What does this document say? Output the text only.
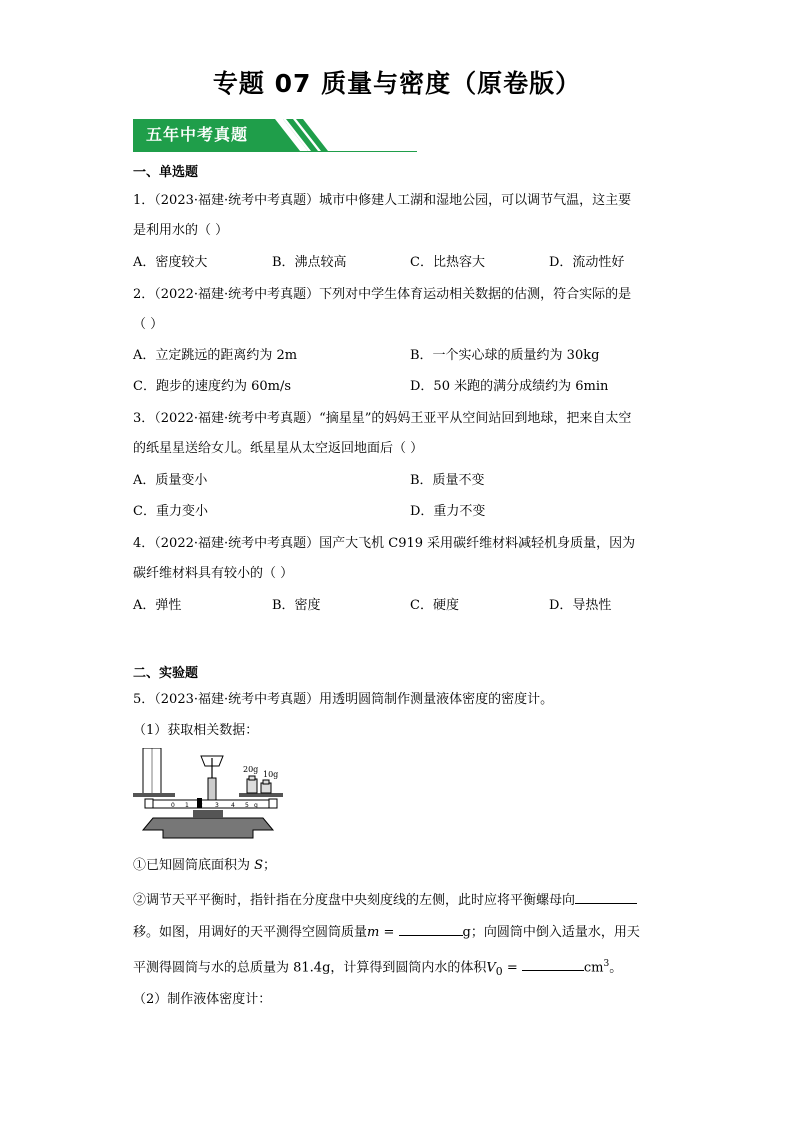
专题 07 质量与密度（原卷版）
五年中考真题
一、单选题
1．（2023·福建·统考中考真题）城市中修建人工湖和湿地公园，可以调节气温，这主要
是利用水的（ ）
A．密度较大	B．沸点较高	C．比热容大	D．流动性好
2．（2022·福建·统考中考真题）下列对中学生体育运动相关数据的估测，符合实际的是
（ ）
A．立定跳远的距离约为 2m	B．一个实心球的质量约为 30kg
C．跑步的速度约为 60m/s	D．50 米跑的满分成绩约为 6min
3．（2022·福建·统考中考真题）“摘星星”的妈妈王亚平从空间站回到地球，把来自太空
的纸星星送给女儿。纸星星从太空返回地面后（ ）
A．质量变小	B．质量不变
C．重力变小	D．重力不变
4．（2022·福建·统考中考真题）国产大飞机 C919 采用碳纤维材料减轻机身质量，因为
碳纤维材料具有较小的（ ）
A．弹性	B．密度	C．硬度	D．导热性
二、实验题
5．（2023·福建·统考中考真题）用透明圆筒制作测量液体密度的密度计。
（1）获取相关数据：
20g
10g
0 1	3 4 5 g
①已知圆筒底面积为 S；
②调节天平平衡时，指针指在分度盘中央刻度线的左侧，此时应将平衡螺母向
移。如图，用调好的天平测得空圆筒质量m =	g；向圆筒中倒入适量水，用天
平测得圆筒与水的总质量为 81.4g，计算得到圆筒内水的体积$V_0$ =	$cm^3$。
（2）制作液体密度计：
